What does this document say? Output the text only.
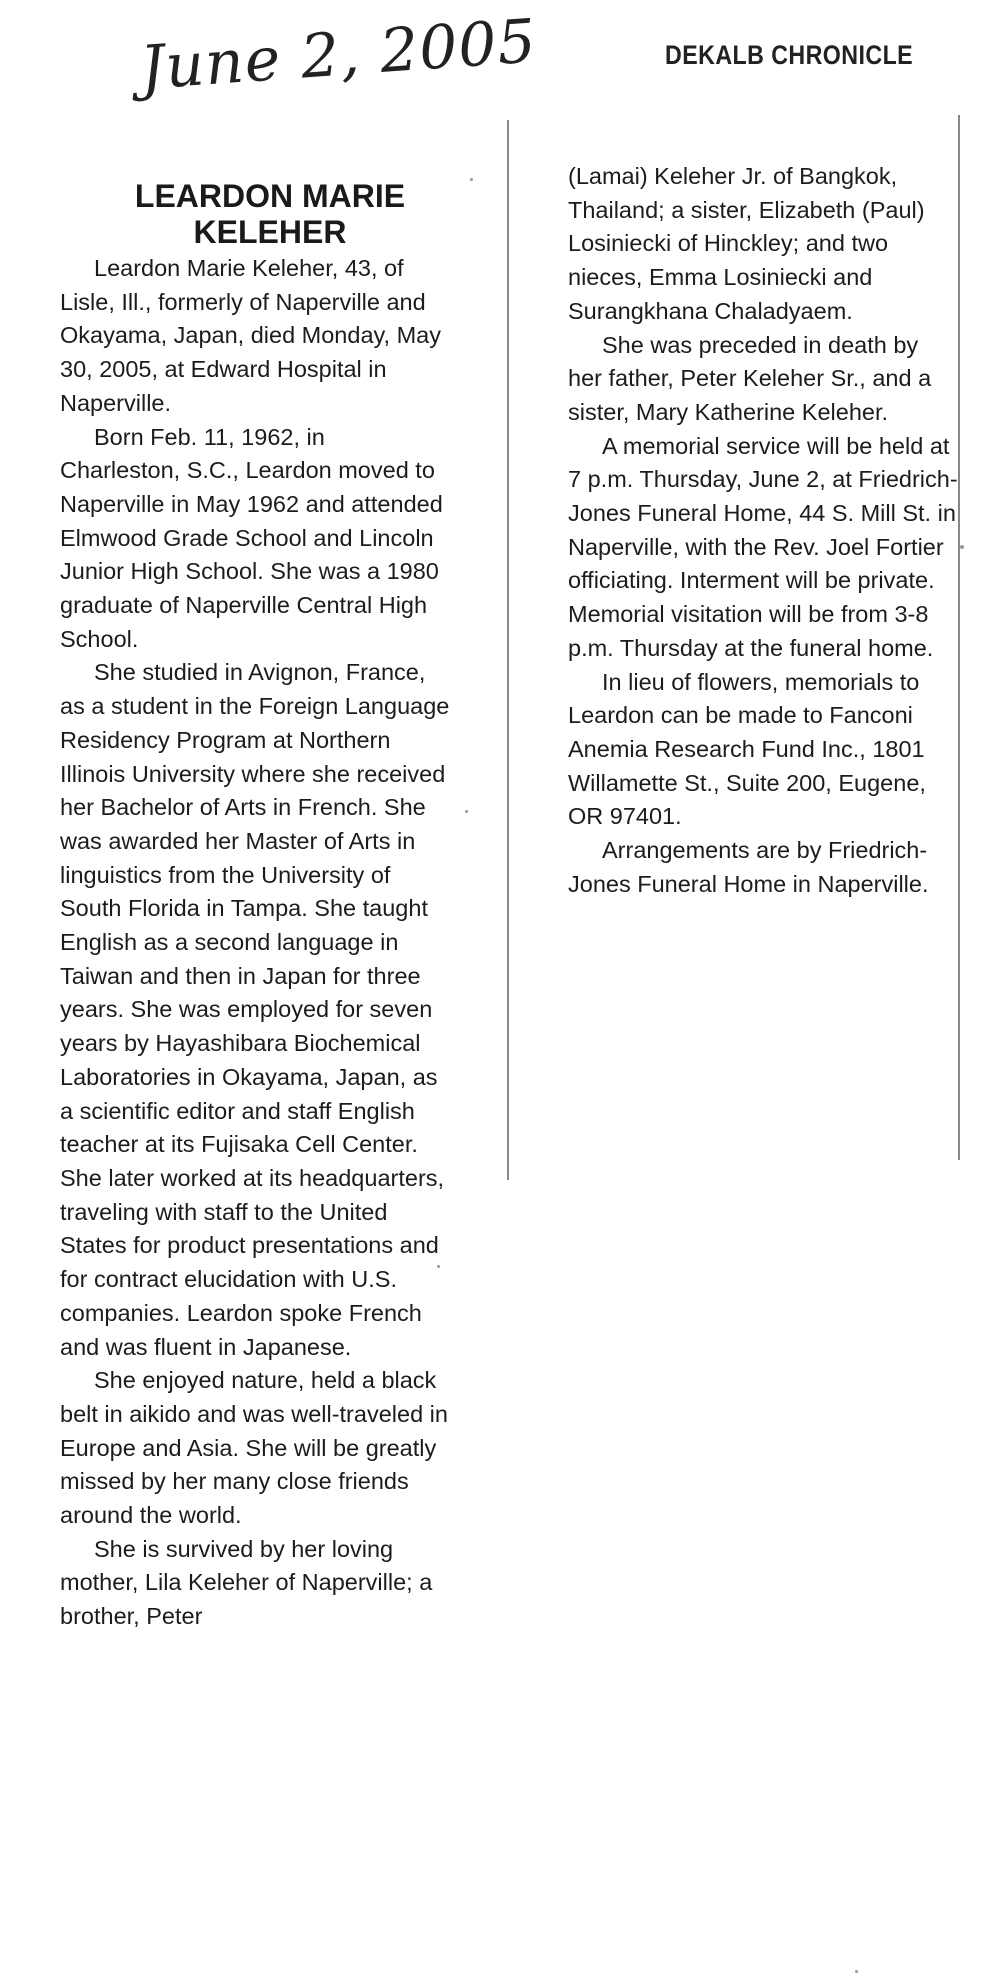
June 2, 2005	DEKALB CHRONICLE
LEARDON MARIE
KELEHER

Leardon Marie Keleher, 43, of Lisle, Ill., formerly of Naperville and Okayama, Japan, died Monday, May 30, 2005, at Edward Hospital in Naperville.

Born Feb. 11, 1962, in Charleston, S.C., Leardon moved to Naperville in May 1962 and attended Elmwood Grade School and Lincoln Junior High School. She was a 1980 graduate of Naperville Central High School.

She studied in Avignon, France, as a student in the Foreign Language Residency Program at Northern Illinois University where she received her Bachelor of Arts in French. She was awarded her Master of Arts in linguistics from the University of South Florida in Tampa. She taught English as a second language in Taiwan and then in Japan for three years. She was employed for seven years by Hayashibara Biochemical Laboratories in Okayama, Japan, as a scientific editor and staff English teacher at its Fujisaka Cell Center. She later worked at its headquarters, traveling with staff to the United States for product presentations and for contract elucidation with U.S. companies. Leardon spoke French and was fluent in Japanese.

She enjoyed nature, held a black belt in aikido and was well-traveled in Europe and Asia. She will be greatly missed by her many close friends around the world.

She is survived by her loving mother, Lila Keleher of Naperville; a brother, Peter

(Lamai) Keleher Jr. of Bangkok, Thailand; a sister, Elizabeth (Paul) Losiniecki of Hinckley; and two nieces, Emma Losiniecki and Surangkhana Chaladyaem.

She was preceded in death by her father, Peter Keleher Sr., and a sister, Mary Katherine Keleher.

A memorial service will be held at 7 p.m. Thursday, June 2, at Friedrich-Jones Funeral Home, 44 S. Mill St. in Naperville, with the Rev. Joel Fortier officiating. Interment will be private. Memorial visitation will be from 3-8 p.m. Thursday at the funeral home.

In lieu of flowers, memorials to Leardon can be made to Fanconi Anemia Research Fund Inc., 1801 Willamette St., Suite 200, Eugene, OR 97401.

Arrangements are by Friedrich-Jones Funeral Home in Naperville.
